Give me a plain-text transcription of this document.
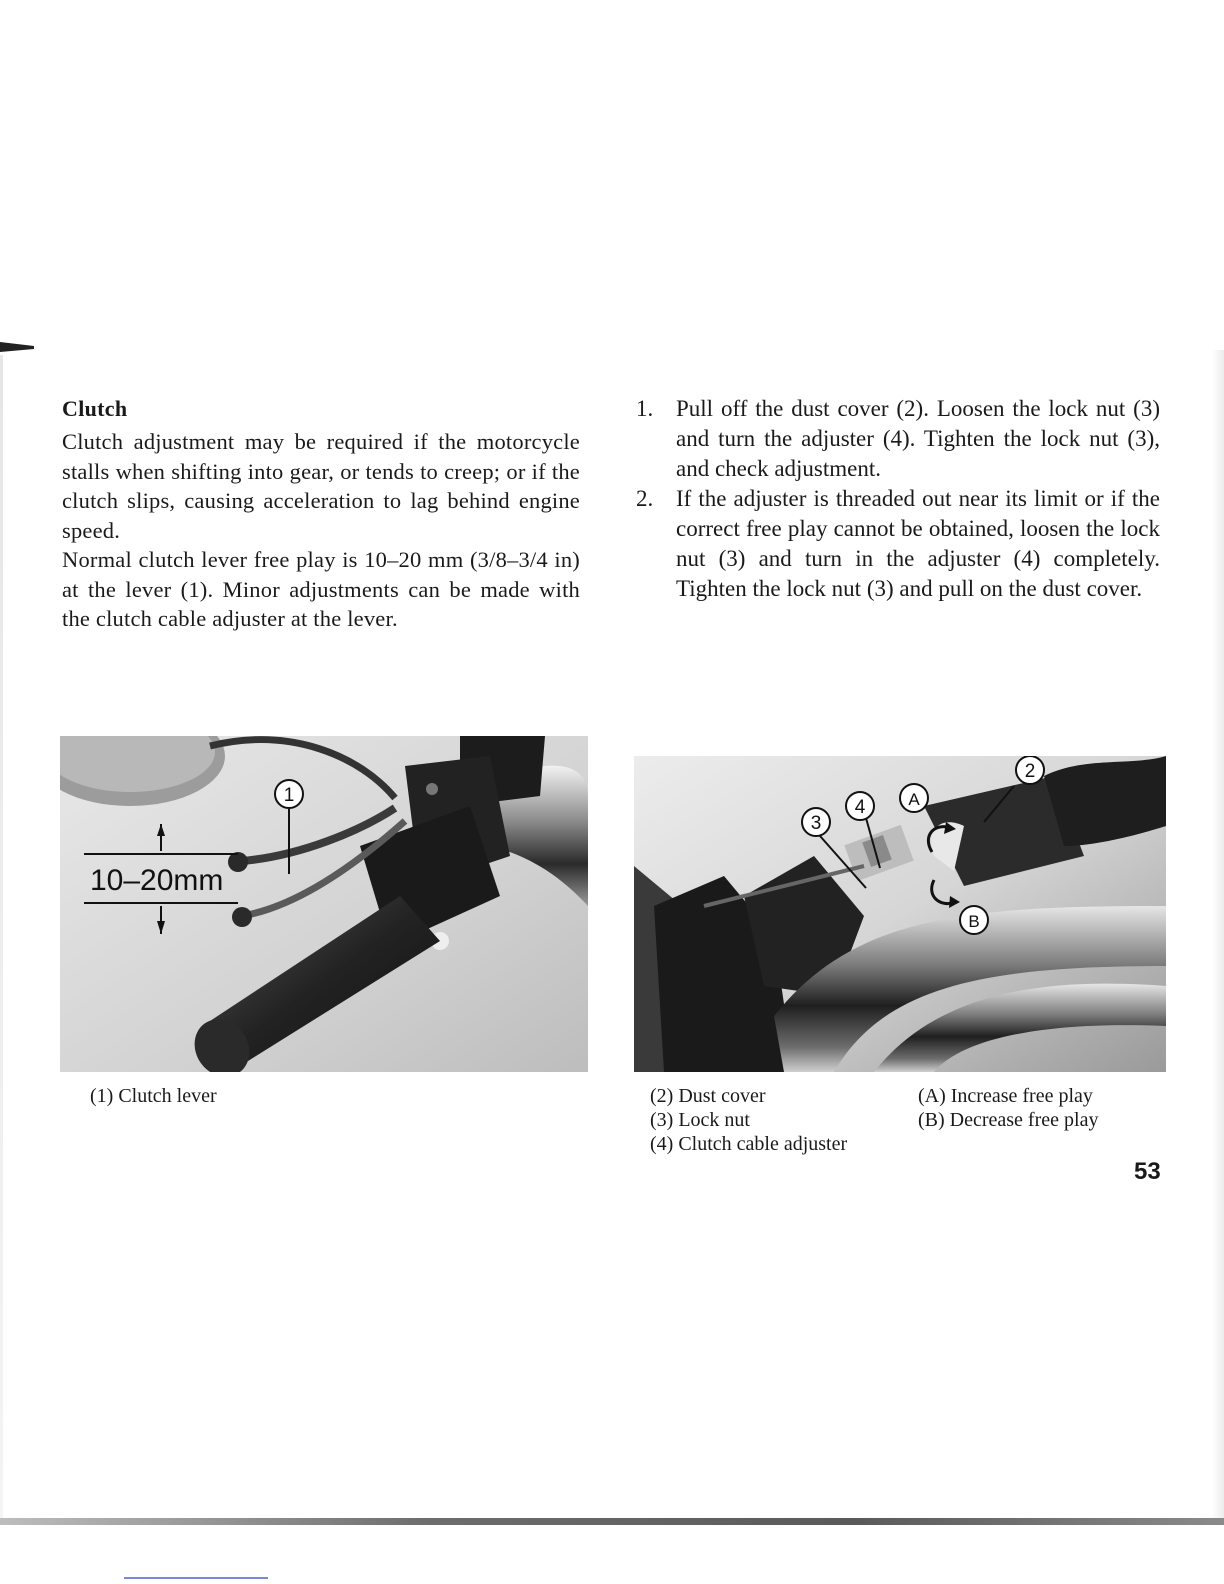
Clutch

Clutch adjustment may be required if the motorcycle stalls when shifting into gear, or tends to creep; or if the clutch slips, causing acceleration to lag behind engine speed.

Normal clutch lever free play is 10–20 mm (3/8–3/4 in) at the lever (1). Minor adjustments can be made with the clutch cable adjuster at the lever.

1. Pull off the dust cover (2). Loosen the lock nut (3) and turn the adjuster (4). Tighten the lock nut (3), and check adjustment.
2. If the adjuster is threaded out near its limit or if the correct free play cannot be obtained, loosen the lock nut (3) and turn in the adjuster (4) completely. Tighten the lock nut (3) and pull on the dust cover.
1
10–20mm
(1) Clutch lever
3
4	A
2
B
(2) Dust cover
(3) Lock nut
(4) Clutch cable adjuster
(A) Increase free play
(B) Decrease free play
53
